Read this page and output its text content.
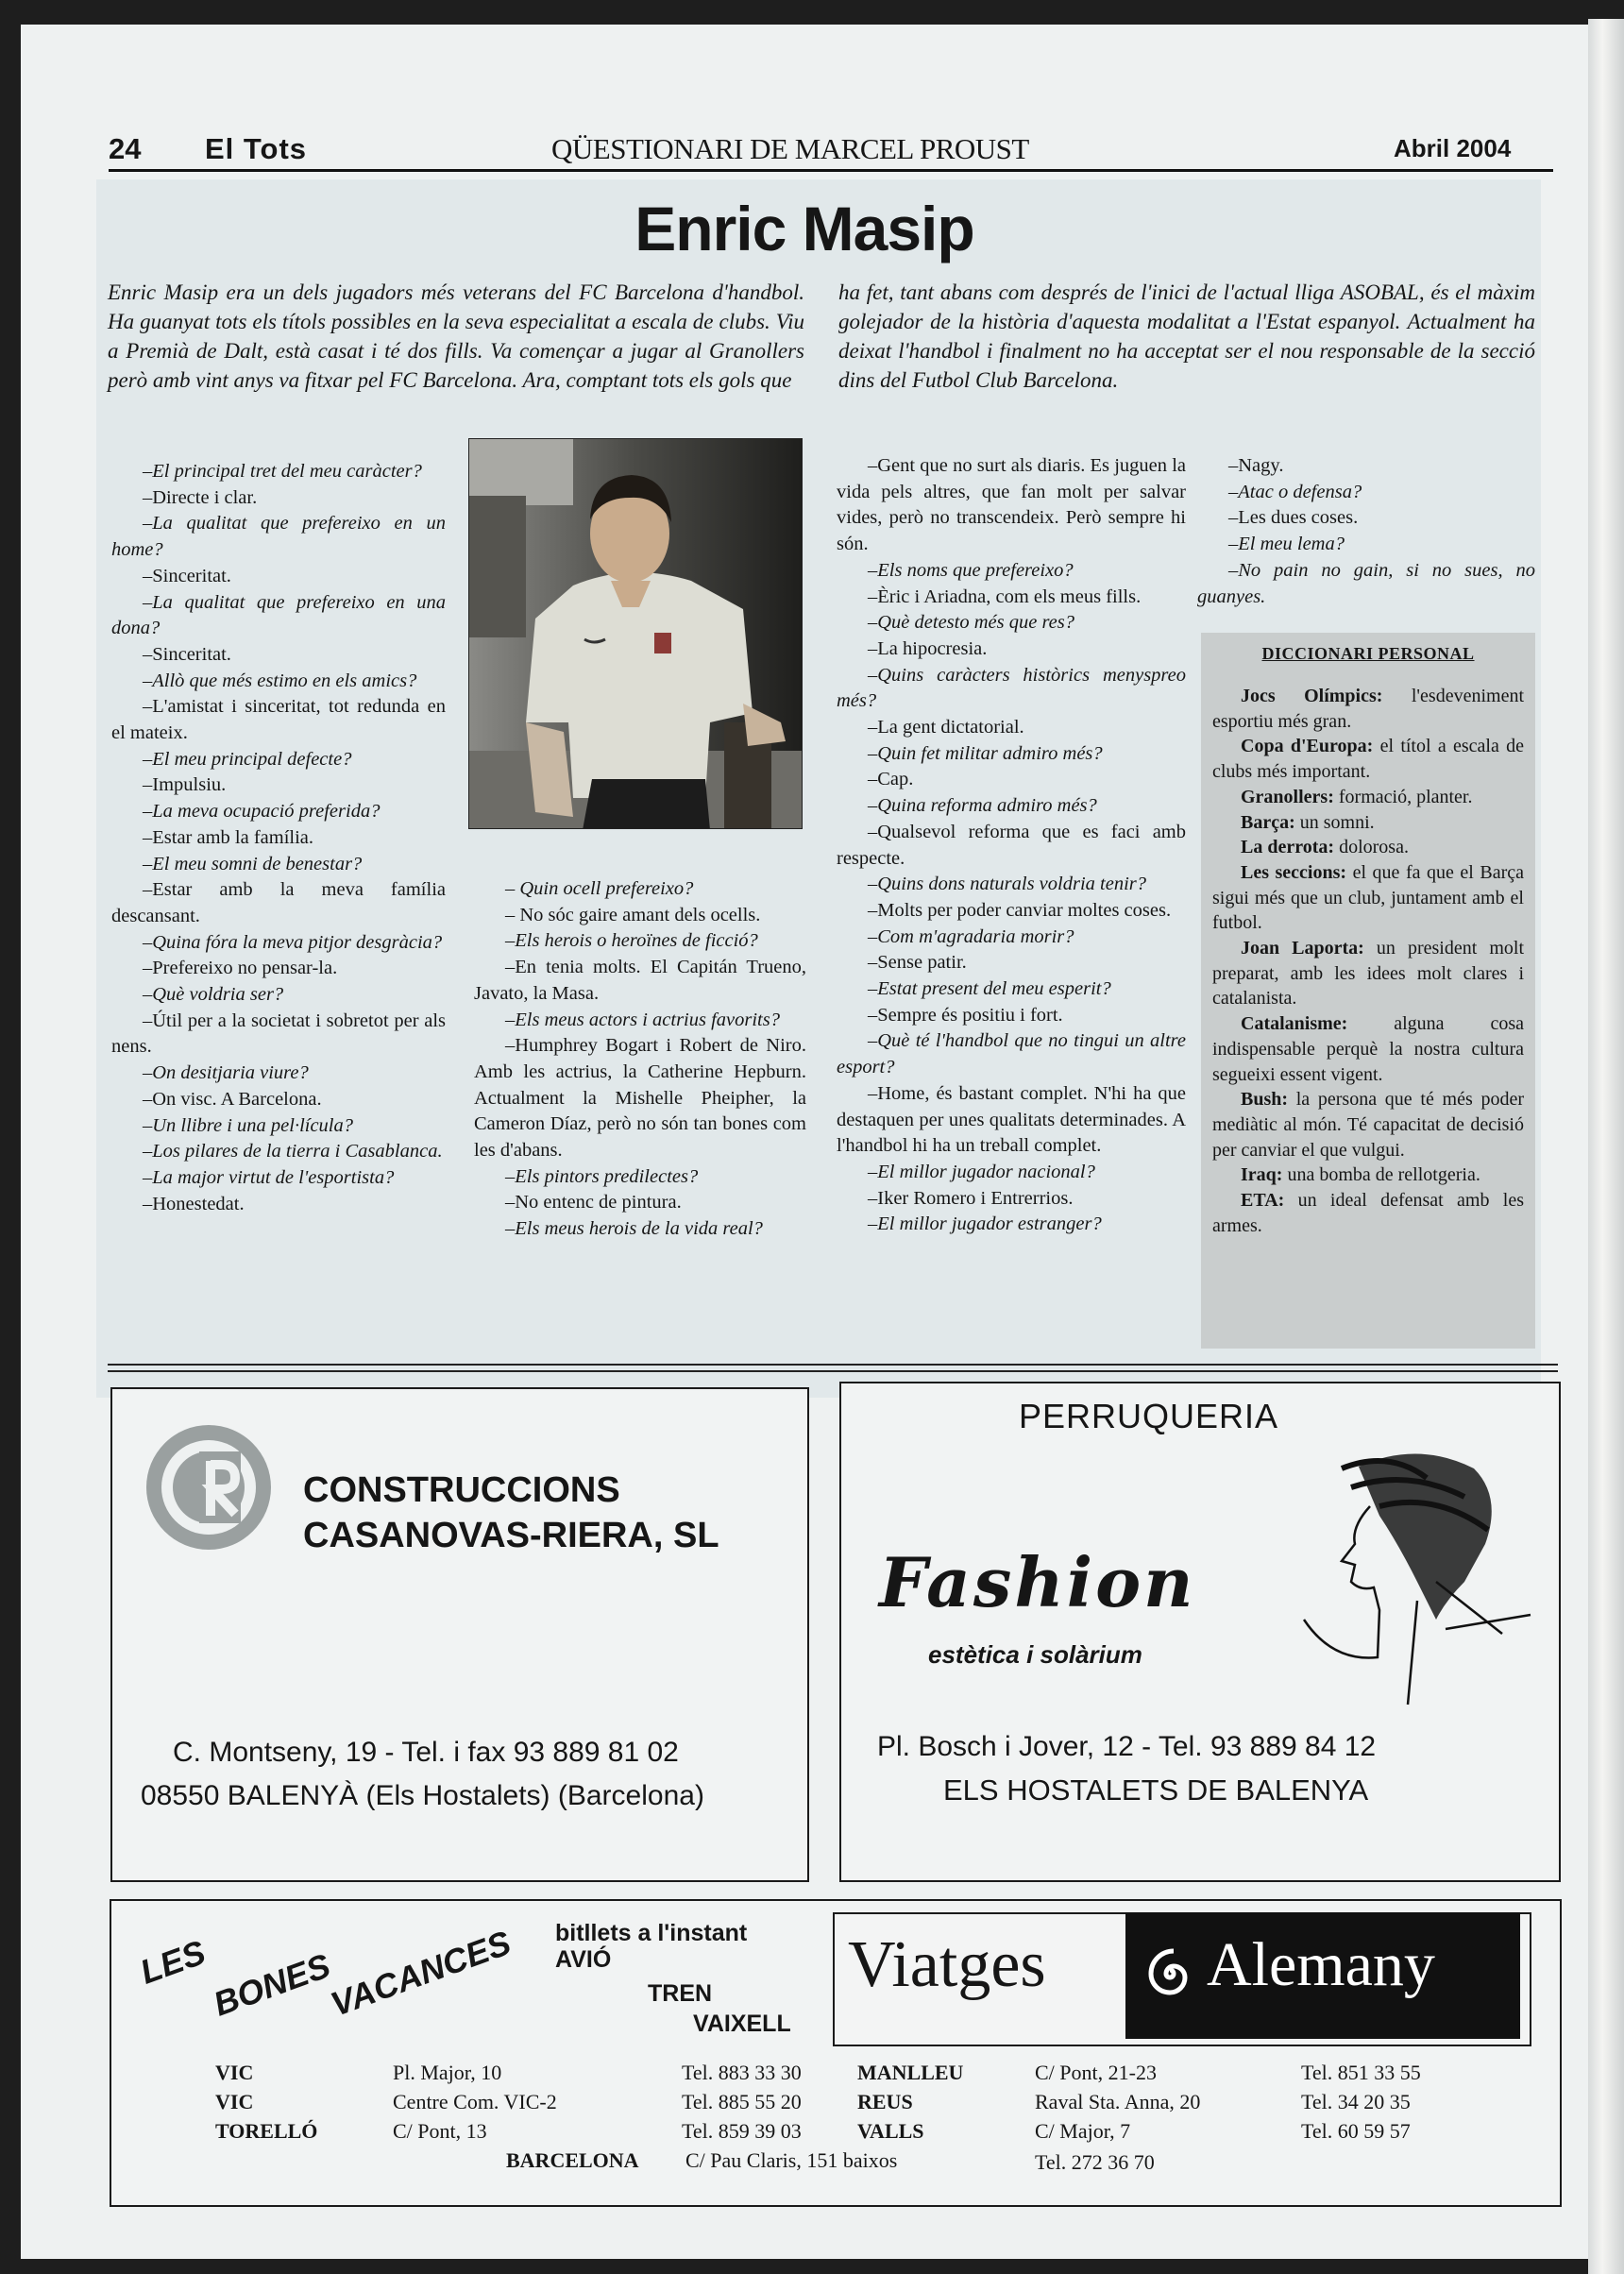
24 El Tots	QÜESTIONARI DE MARCEL PROUST	Abril 2004
Enric Masip
Enric Masip era un dels jugadors més veterans del FC Barcelona d'handbol. Ha guanyat tots els títols possibles en la seva especialitat a escala de clubs. Viu a Premià de Dalt, està casat i té dos fills. Va començar a jugar al Granollers però amb vint anys va fitxar pel FC Barcelona. Ara, comptant tots els gols que
ha fet, tant abans com després de l'inici de l'actual lliga ASOBAL, és el màxim golejador de la història d'aquesta modalitat a l'Estat espanyol. Actualment ha deixat l'handbol i finalment no ha acceptat ser el nou responsable de la secció dins del Futbol Club Barcelona.

–El principal tret del meu caràcter?

–Directe i clar.

–La qualitat que prefereixo en un home?

–Sinceritat.

–La qualitat que prefereixo en una dona?

–Sinceritat.

–Allò que més estimo en els amics?

–L'amistat i sinceritat, tot redunda en el mateix.

–El meu principal defecte?

–Impulsiu.

–La meva ocupació preferida?

–Estar amb la família.

–El meu somni de benestar?

–Estar amb la meva família descansant.

–Quina fóra la meva pitjor desgràcia?

–Prefereixo no pensar-la.

–Què voldria ser?

–Útil per a la societat i sobretot per als nens.

–On desitjaria viure?

–On visc. A Barcelona.

–Un llibre i una pel·lícula?

–Los pilares de la tierra i Casablanca.

–La major virtut de l'esportista?

–Honestedat.

– Quin ocell prefereixo?

– No sóc gaire amant dels ocells.

–Els herois o heroïnes de ficció?

–En tenia molts. El Capitán Trueno, Javato, la Masa.

–Els meus actors i actrius favorits?

–Humphrey Bogart i Robert de Niro. Amb les actrius, la Catherine Hepburn. Actualment la Mishelle Pheipher, la Cameron Díaz, però no són tan bones com les d'abans.

–Els pintors predilectes?

–No entenc de pintura.

–Els meus herois de la vida real?

–Gent que no surt als diaris. Es juguen la vida pels altres, que fan molt per salvar vides, però no transcendeix. Però sempre hi són.

–Els noms que prefereixo?

–Èric i Ariadna, com els meus fills.

–Què detesto més que res?

–La hipocresia.

–Quins caràcters històrics menyspreo més?

–La gent dictatorial.

–Quin fet militar admiro més?

–Cap.

–Quina reforma admiro més?

–Qualsevol reforma que es faci amb respecte.

–Quins dons naturals voldria tenir?

–Molts per poder canviar moltes coses.

–Com m'agradaria morir?

–Sense patir.

–Estat present del meu esperit?

–Sempre és positiu i fort.

–Què té l'handbol que no tingui un altre esport?

–Home, és bastant complet. N'hi ha que destaquen per unes qualitats determinades. A l'handbol hi ha un treball complet.

–El millor jugador nacional?

–Iker Romero i Entrerrios.

–El millor jugador estranger?

–Nagy.

–Atac o defensa?

–Les dues coses.

–El meu lema?

–No pain no gain, si no sues, no guanyes.

DICCIONARI PERSONAL

Jocs Olímpics: l'esdeveniment esportiu més gran.

Copa d'Europa: el títol a escala de clubs més important.

Granollers: formació, planter.

Barça: un somni.

La derrota: dolorosa.

Les seccions: el que fa que el Barça sigui més que un club, juntament amb el futbol.

Joan Laporta: un president molt preparat, amb les idees molt clares i catalanista.

Catalanisme: alguna cosa indispensable perquè la nostra cultura segueixi essent vigent.

Bush: la persona que té més poder mediàtic al món. Té capacitat de decisió per canviar el que vulgui.

Iraq: una bomba de rellotgeria.

ETA: un ideal defensat amb les armes.

CONSTRUCCIONS
CASANOVAS-RIERA, SL
C. Montseny, 19 - Tel. i fax 93 889 81 02
08550 BALENYÀ (Els Hostalets) (Barcelona)
PERRUQUERIA
Fashion
estètica i solàrium
Pl. Bosch i Jover, 12 - Tel. 93 889 84 12
ELS HOSTALETS DE BALENYA
LES
BONES
VACANCES bitllets a l'instant
AVIÓ
TREN
VAIXELL
Viatges	Alemany
VIC	Pl. Major, 10	Tel. 883 33 30
VIC	Centre Com. VIC-2	Tel. 885 55 20
TORELLÓ	C/ Pont, 13	Tel. 859 39 03
MANLLEU	C/ Pont, 21-23	Tel. 851 33 55
REUS	Raval Sta. Anna, 20	Tel. 34 20 35
VALLS	C/ Major, 7	Tel. 60 59 57
BARCELONA C/ Pau Claris, 151 baixos	Tel. 272 36 70
